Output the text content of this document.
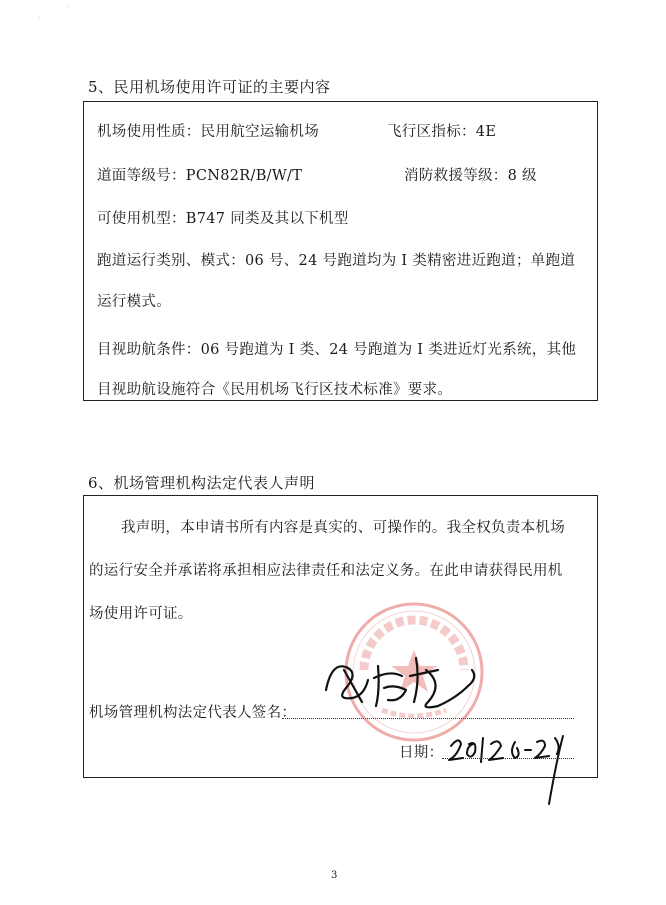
·
·
5、民用机场使用许可证的主要内容
机场使用性质：民用航空运输机场	飞行区指标：4E
道面等级号：PCN82R/B/W/T	消防救援等级：8 级
可使用机型：B747 同类及其以下机型
跑道运行类别、模式：06 号、24 号跑道均为 I 类精密进近跑道；单跑道
运行模式。
目视助航条件：06 号跑道为 I 类、24 号跑道为 I 类进近灯光系统，其他
目视助航设施符合《民用机场飞行区技术标准》要求。
6、机场管理机构法定代表人声明
我声明，本申请书所有内容是真实的、可操作的。我全权负责本机场
的运行安全并承诺将承担相应法律责任和法定义务。在此申请获得民用机
场使用许可证。
机场管理机构法定代表人签名：
日期：
3
